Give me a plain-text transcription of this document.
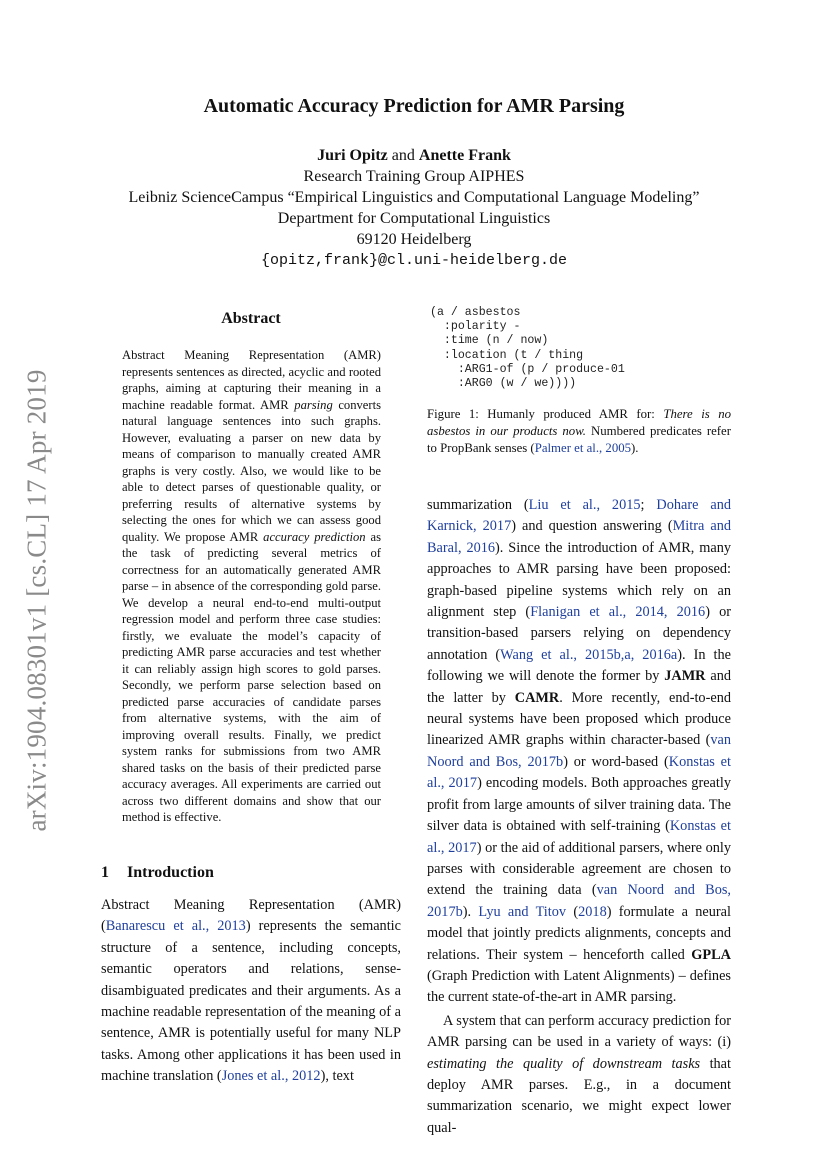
arXiv:1904.08301v1 [cs.CL] 17 Apr 2019
Automatic Accuracy Prediction for AMR Parsing
Juri Opitz and Anette Frank
Research Training Group AIPHES
Leibniz ScienceCampus “Empirical Linguistics and Computational Language Modeling”
Department for Computational Linguistics
69120 Heidelberg
{opitz,frank}@cl.uni-heidelberg.de
Abstract
Abstract Meaning Representation (AMR) represents sentences as directed, acyclic and rooted graphs, aiming at capturing their meaning in a machine readable format. AMR parsing converts natural language sentences into such graphs. However, evaluating a parser on new data by means of comparison to manually created AMR graphs is very costly. Also, we would like to be able to detect parses of questionable quality, or preferring results of alternative systems by selecting the ones for which we can assess good quality. We propose AMR accuracy prediction as the task of predicting several metrics of correctness for an automatically generated AMR parse – in absence of the corresponding gold parse. We develop a neural end-to-end multi-output regression model and perform three case studies: firstly, we evaluate the model’s capacity of predicting AMR parse accuracies and test whether it can reliably assign high scores to gold parses. Secondly, we perform parse selection based on predicted parse accuracies of candidate parses from alternative systems, with the aim of improving overall results. Finally, we predict system ranks for submissions from two AMR shared tasks on the basis of their predicted parse accuracy averages. All experiments are carried out across two different domains and show that our method is effective.
1 Introduction

Abstract Meaning Representation (AMR) (Banarescu et al., 2013) represents the semantic structure of a sentence, including concepts, semantic operators and relations, sense-disambiguated predicates and their arguments. As a machine readable representation of the meaning of a sentence, AMR is potentially useful for many NLP tasks. Among other applications it has been used in machine translation (Jones et al., 2012), text

(a / asbestos
:polarity -
:time (n / now)
:location (t / thing
:ARG1-of (p / produce-01
:ARG0 (w / we))))
Figure 1: Humanly produced AMR for: There is no asbestos in our products now. Numbered predicates refer to PropBank senses (Palmer et al., 2005).

summarization (Liu et al., 2015; Dohare and Karnick, 2017) and question answering (Mitra and Baral, 2016). Since the introduction of AMR, many approaches to AMR parsing have been proposed: graph-based pipeline systems which rely on an alignment step (Flanigan et al., 2014, 2016) or transition-based parsers relying on dependency annotation (Wang et al., 2015b,a, 2016a). In the following we will denote the former by JAMR and the latter by CAMR. More recently, end-to-end neural systems have been proposed which produce linearized AMR graphs within character-based (van Noord and Bos, 2017b) or word-based (Konstas et al., 2017) encoding models. Both approaches greatly profit from large amounts of silver training data. The silver data is obtained with self-training (Konstas et al., 2017) or the aid of additional parsers, where only parses with considerable agreement are chosen to extend the training data (van Noord and Bos, 2017b). Lyu and Titov (2018) formulate a neural model that jointly predicts alignments, concepts and relations. Their system – henceforth called GPLA (Graph Prediction with Latent Alignments) – defines the current state-of-the-art in AMR parsing.

A system that can perform accuracy prediction for AMR parsing can be used in a variety of ways: (i) estimating the quality of downstream tasks that deploy AMR parses. E.g., in a document summarization scenario, we might expect lower qual-
